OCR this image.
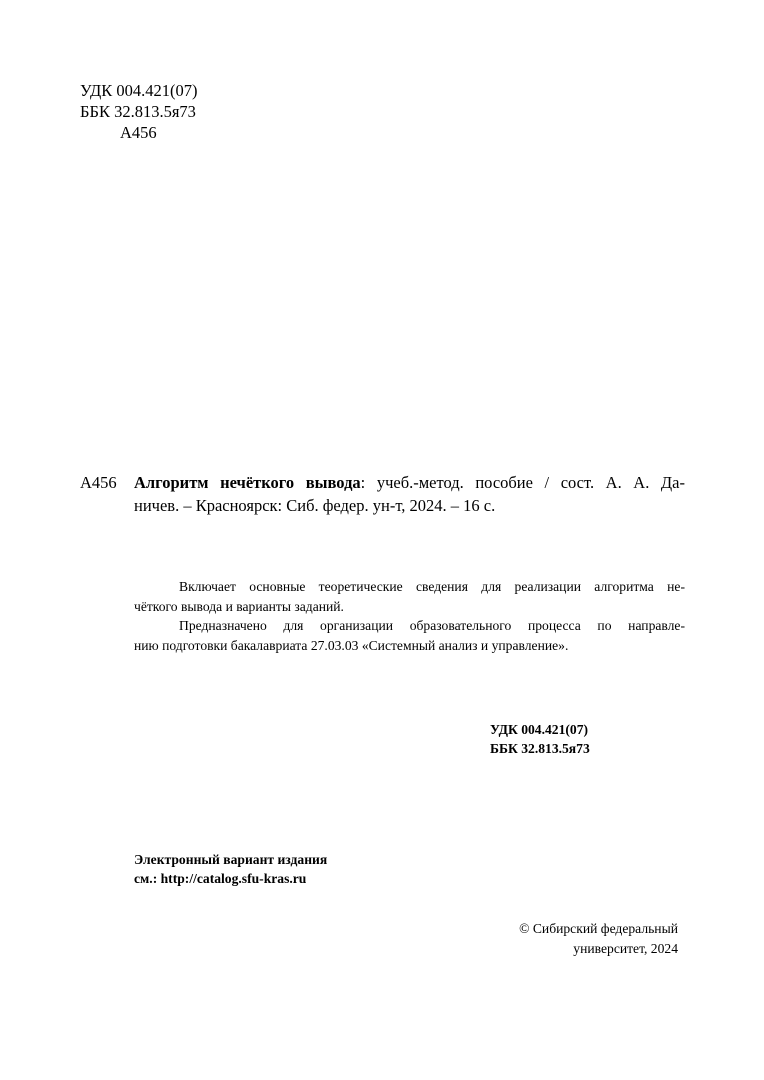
УДК 004.421(07)
ББК 32.813.5я73
А456
А456	Алгоритм нечёткого вывода: учеб.-метод. пособие / сост. А. А. Да-
ничев. – Красноярск: Сиб. федер. ун-т, 2024. – 16 с.
Включает основные теоретические сведения для реализации алгоритма не-
чёткого вывода и варианты заданий.
Предназначено для организации образовательного процесса по направле-
нию подготовки бакалавриата 27.03.03 «Системный анализ и управление».
УДК 004.421(07)
ББК 32.813.5я73
Электронный вариант издания
см.: http://catalog.sfu-kras.ru
© Сибирский федеральный
университет, 2024
